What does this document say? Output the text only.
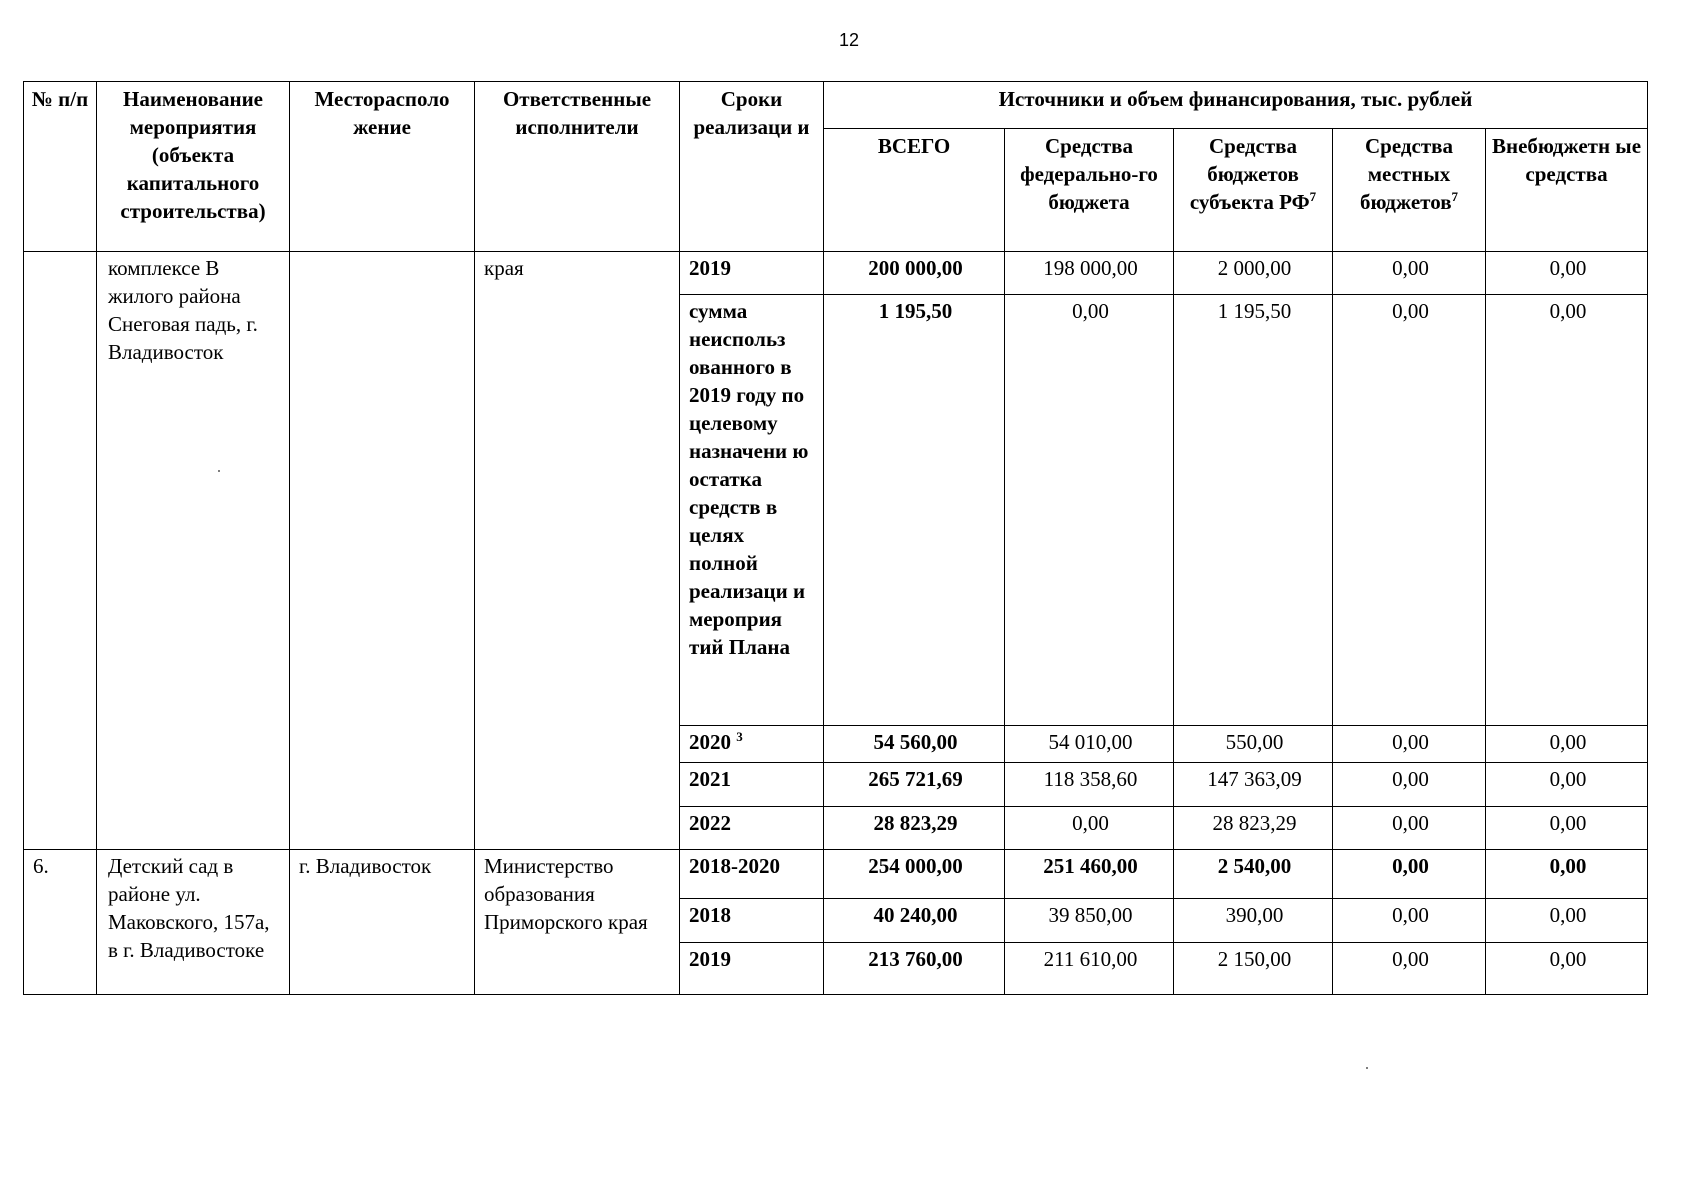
12
№ п/п	Наименование мероприятия (объекта капитального строительства)	Месторасполо жение	Ответственные исполнители	Сроки реализаци и	Источники и объем финансирования, тыс. рублей				
					ВСЕГО	Средства федерально-го бюджета	Средства бюджетов субъекта $РФ^7$	Средства местных бюджетов$^7$	Внебюджетн ые средства
	комплексе В жилого района Снеговая падь, г. Владивосток		края	2019	200 000,00	198 000,00	2 000,00	0,00	0,00
				сумма неиспольз ованного в 2019 году по целевому назначени ю остатка средств в целях полной реализаци и мероприя тий Плана	1 195,50	0,00	1 195,50	0,00	0,00
				2020 $^3$	54 560,00	54 010,00	550,00	0,00	0,00
				2021	265 721,69	118 358,60	147 363,09	0,00	0,00
				2022	28 823,29	0,00	28 823,29	0,00	0,00
6.	Детский сад в районе ул. Маковского, 157а, в г. Владивостоке	г. Владивосток	Министерство образования Приморского края	2018-2020	254 000,00	251 460,00	2 540,00	0,00	0,00
				2018	40 240,00	39 850,00	390,00	0,00	0,00
				2019	213 760,00	211 610,00	2 150,00	0,00	0,00
